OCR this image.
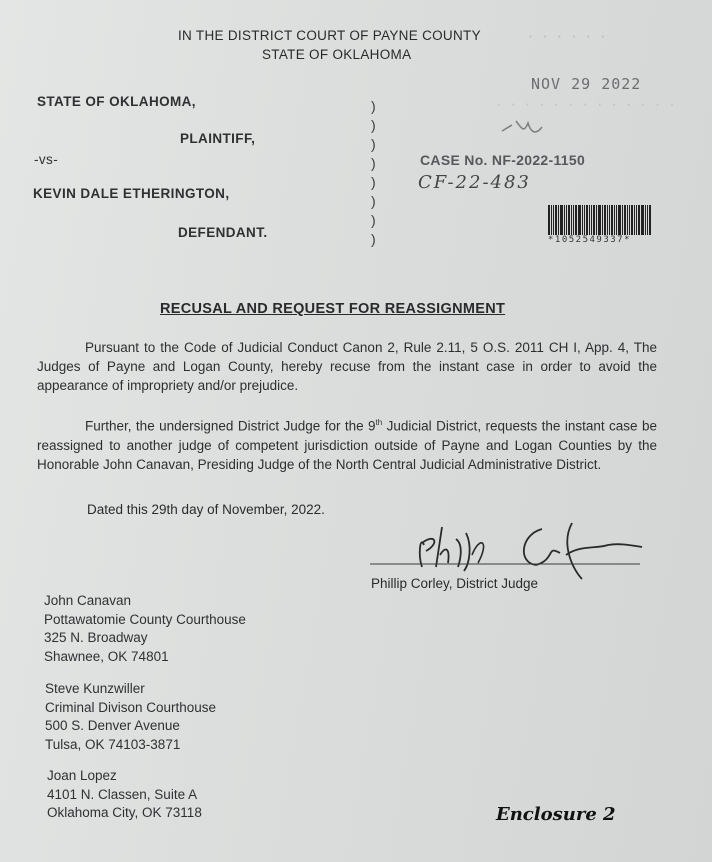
IN THE DISTRICT COURT OF PAYNE COUNTY
STATE OF OKLAHOMA
STATE OF OKLAHOMA,
PLAINTIFF,
-vs-
KEVIN DALE ETHERINGTON,
DEFENDANT.
)
)
)
)
)
)
)
)
· · · · · ·
NOV 29 2022
· · · · · · · · · · · · ·
CASE No. NF-2022-1150
CF-22-483
*1052549337*
RECUSAL AND REQUEST FOR REASSIGNMENT
Pursuant to the Code of Judicial Conduct Canon 2, Rule 2.11, 5 O.S. 2011 CH I, App. 4, The Judges of Payne and Logan County, hereby recuse from the instant case in order to avoid the appearance of impropriety and/or prejudice.
Further, the undersigned District Judge for the 9th Judicial District, requests the instant case be reassigned to another judge of competent jurisdiction outside of Payne and Logan Counties by the Honorable John Canavan, Presiding Judge of the North Central Judicial Administrative District.
Dated this 29th day of November, 2022.
Phillip Corley, District Judge
John Canavan
Pottawatomie County Courthouse
325 N. Broadway
Shawnee, OK 74801
Steve Kunzwiller
Criminal Divison Courthouse
500 S. Denver Avenue
Tulsa, OK 74103-3871
Joan Lopez
4101 N. Classen, Suite A
Oklahoma City, OK 73118	Enclosure 2
